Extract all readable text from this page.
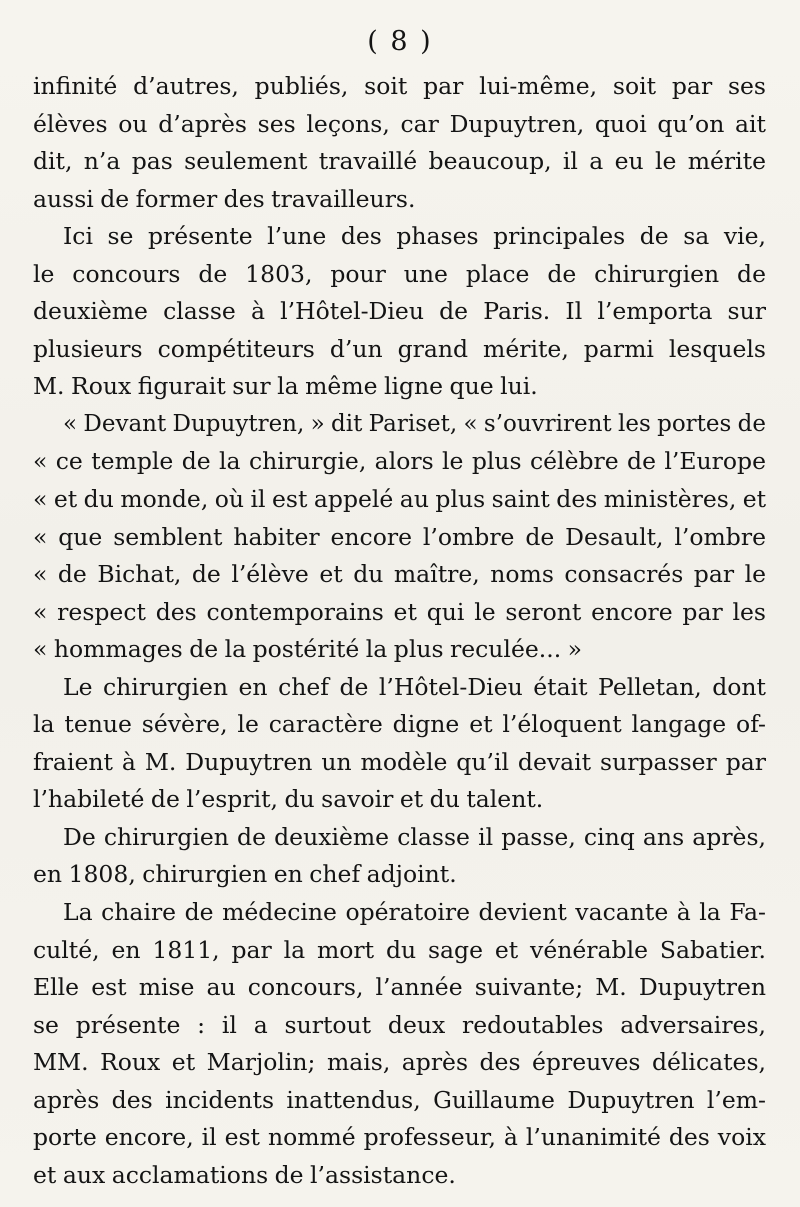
( 8 )
infinité d’autres, publiés, soit par lui-même, soit par ses
élèves ou d’après ses leçons, car Dupuytren, quoi qu’on ait
dit, n’a pas seulement travaillé beaucoup, il a eu le mérite
aussi de former des travailleurs.
Ici se présente l’une des phases principales de sa vie,
le concours de 1803, pour une place de chirurgien de
deuxième classe à l’Hôtel-Dieu de Paris. Il l’emporta sur
plusieurs compétiteurs d’un grand mérite, parmi lesquels
M. Roux figurait sur la même ligne que lui.
« Devant Dupuytren, » dit Pariset, « s’ouvrirent les portes de
« ce temple de la chirurgie, alors le plus célèbre de l’Europe
« et du monde, où il est appelé au plus saint des ministères, et
« que semblent habiter encore l’ombre de Desault, l’ombre
« de Bichat, de l’élève et du maître, noms consacrés par le
« respect des contemporains et qui le seront encore par les
« hommages de la postérité la plus reculée... »
Le chirurgien en chef de l’Hôtel-Dieu était Pelletan, dont
la tenue sévère, le caractère digne et l’éloquent langage of-
fraient à M. Dupuytren un modèle qu’il devait surpasser par
l’habileté de l’esprit, du savoir et du talent.
De chirurgien de deuxième classe il passe, cinq ans après,
en 1808, chirurgien en chef adjoint.
La chaire de médecine opératoire devient vacante à la Fa-
culté, en 1811, par la mort du sage et vénérable Sabatier.
Elle est mise au concours, l’année suivante; M. Dupuytren
se présente : il a surtout deux redoutables adversaires,
MM. Roux et Marjolin; mais, après des épreuves délicates,
après des incidents inattendus, Guillaume Dupuytren l’em-
porte encore, il est nommé professeur, à l’unanimité des voix
et aux acclamations de l’assistance.
